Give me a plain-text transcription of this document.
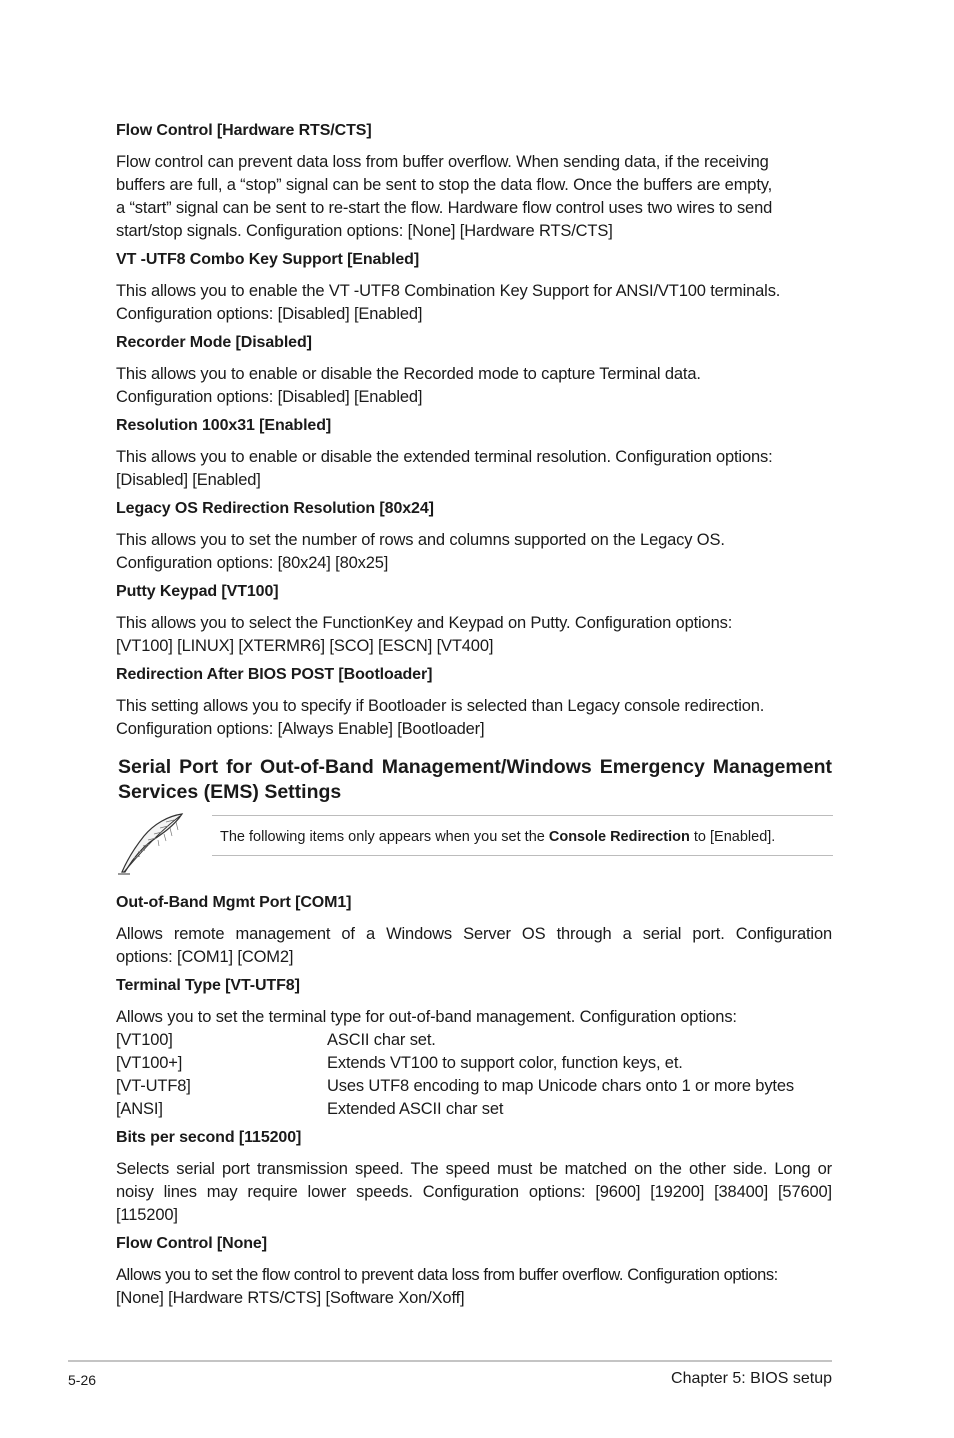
Flow Control [Hardware RTS/CTS]
Flow control can prevent data loss from buffer overflow. When sending data, if the receiving
buffers are full, a “stop” signal can be sent to stop the data flow. Once the buffers are empty,
a “start” signal can be sent to re-start the flow. Hardware flow control uses two wires to send
start/stop signals. Configuration options: [None] [Hardware RTS/CTS]
VT -UTF8 Combo Key Support [Enabled]
This allows you to enable the VT -UTF8 Combination Key Support for ANSI/VT100 terminals.
Configuration options: [Disabled] [Enabled]
Recorder Mode [Disabled]
This allows you to enable or disable the Recorded mode to capture Terminal data.
Configuration options: [Disabled] [Enabled]
Resolution 100x31 [Enabled]
This allows you to enable or disable the extended terminal resolution. Configuration options:
[Disabled] [Enabled]
Legacy OS Redirection Resolution [80x24]
This allows you to set the number of rows and columns supported on the Legacy OS.
Configuration options: [80x24] [80x25]
Putty Keypad [VT100]
This allows you to select the FunctionKey and Keypad on Putty. Configuration options:
[VT100] [LINUX] [XTERMR6] [SCO] [ESCN] [VT400]
Redirection After BIOS POST [Bootloader]
This setting allows you to specify if Bootloader is selected than Legacy console redirection.
Configuration options: [Always Enable] [Bootloader]
Serial Port for Out-of-Band Management/Windows Emergency Management
Services (EMS) Settings
The following items only appears when you set the Console Redirection to [Enabled].
Out-of-Band Mgmt Port [COM1]
Allows remote management of a Windows Server OS through a serial port. Configuration
options: [COM1] [COM2]
Terminal Type [VT-UTF8]
Allows you to set the terminal type for out-of-band management. Configuration options:
[VT100]	ASCII char set.
[VT100+]	Extends VT100 to support color, function keys, et.
[VT-UTF8]	Uses UTF8 encoding to map Unicode chars onto 1 or more bytes
[ANSI]	Extended ASCII char set
Bits per second [115200]
Selects serial port transmission speed. The speed must be matched on the other side. Long or
noisy lines may require lower speeds. Configuration options: [9600] [19200] [38400] [57600]
[115200]
Flow Control [None]
Allows you to set the flow control to prevent data loss from buffer overflow. Configuration options:
[None] [Hardware RTS/CTS] [Software Xon/Xoff]
5-26	Chapter 5: BIOS setup
